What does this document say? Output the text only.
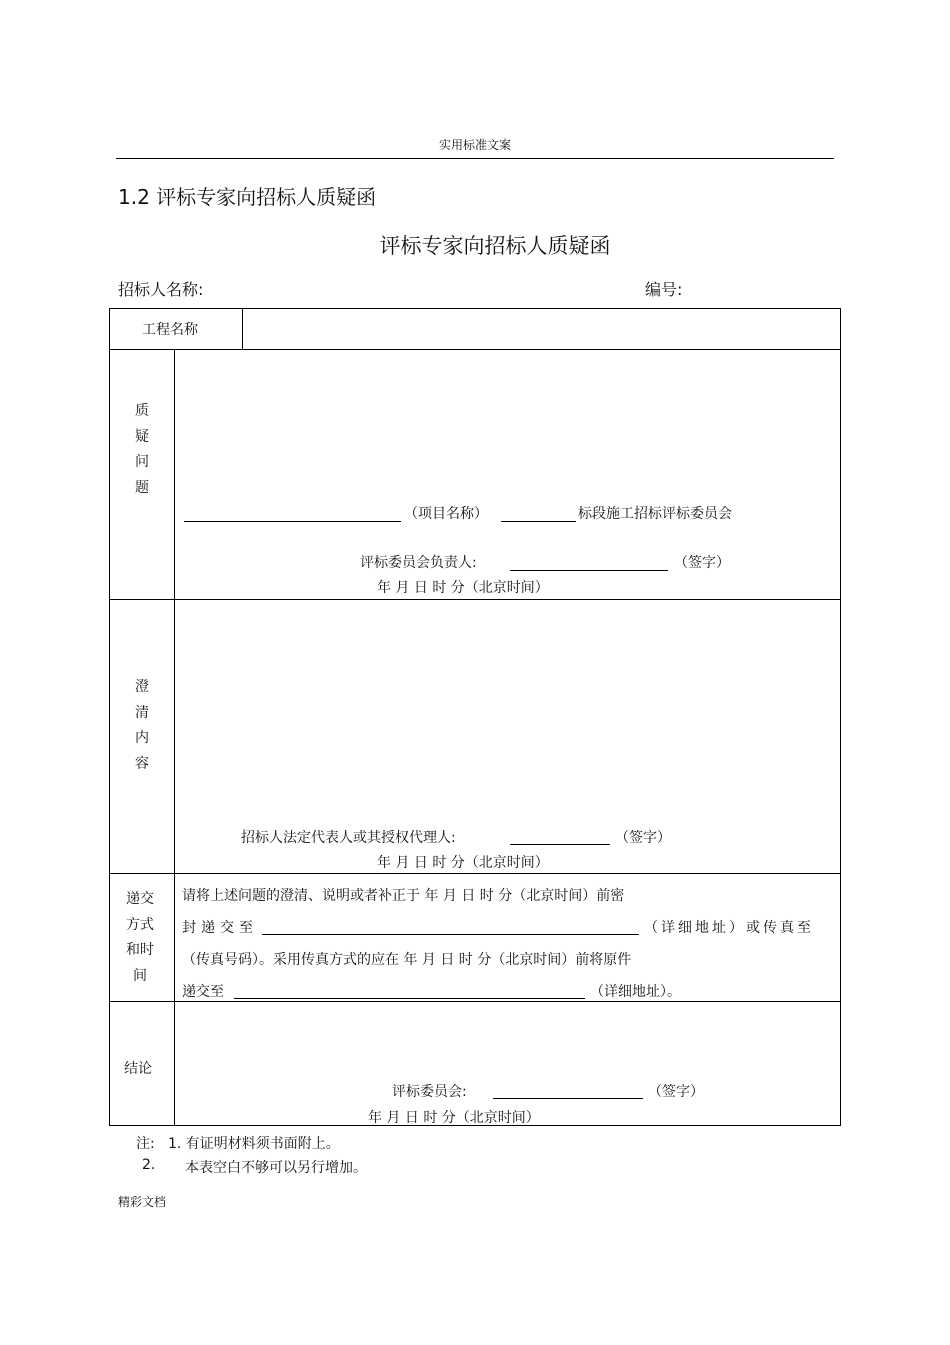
实用标准文案
1.2 评标专家向招标人质疑函
评标专家向招标人质疑函
招标人名称:	编号:
工程名称
质疑问题
（项目名称）	标段施工招标评标委员会
评标委员会负责人:	（签字）
年 月 日 时 分（北京时间）
澄清内容
招标人法定代表人或其授权代理人:	（签字）
年 月 日 时 分（北京时间）
递交方式和时间
请将上述问题的澄清、说明或者补正于 年 月 日 时 分（北京时间）前密
封递交至	（详细地址）或传真至
（传真号码）。采用传真方式的应在 年 月 日 时 分（北京时间）前将原件
递交至	（详细地址）。
结论
评标委员会:	（签字）
年 月 日 时 分（北京时间）
注: 1. 有证明材料须书面附上。
2. 本表空白不够可以另行增加。
精彩文档
